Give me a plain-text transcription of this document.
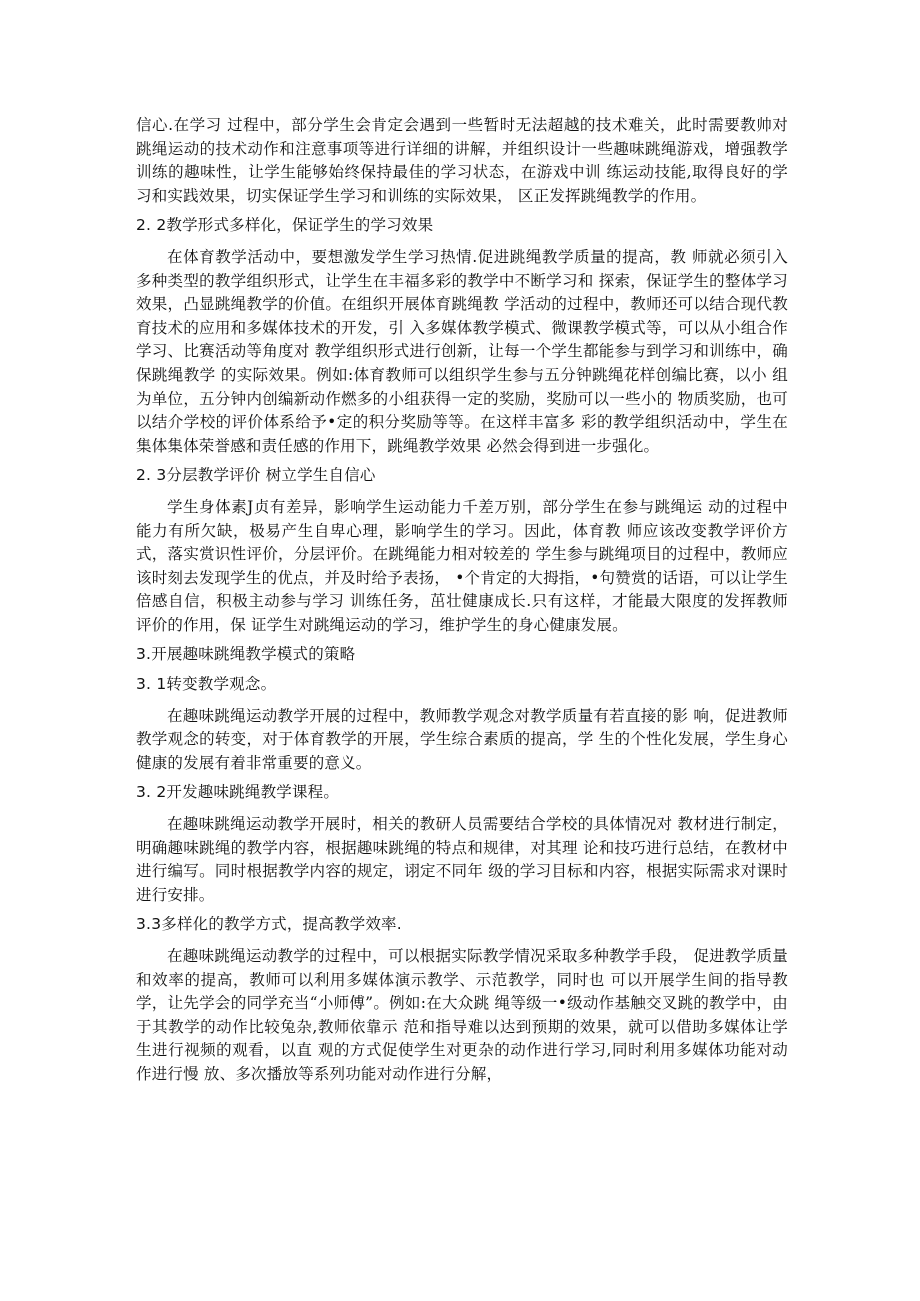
信心.在学习 过程中，部分学生会肯定会遇到一些暂时无法超越的技术难关，此时需要教帅对 跳绳运动的技术动作和注意事项等进行详细的讲解，并组织设计一些趣味跳绳游戏，增强教学训练的趣味性，让学生能够始终保持最佳的学习状态，在游戏中训 练运动技能,取得良好的学习和实践效果，切实保证学生学习和训练的实际效果， 区正发挥跳绳教学的作用。

2. 2教学形式多样化，保证学生的学习效果

在体育教学活动中，要想激发学生学习热情.促进跳绳教学质量的提高，教 师就必须引入多种类型的教学组织形式，让学生在丰福多彩的教学中不断学习和 探索，保证学生的整体学习效果，凸显跳绳教学的价值。在组织开展体育跳绳教 学活动的过程中，教师还可以结合现代教育技术的应用和多媒体技术的开发，引 入多媒体教学模式、微课教学模式等，可以从小组合作学习、比赛活动等角度对 教学组织形式进行创新，让每一个学生都能参与到学习和训练中，确保跳绳教学 的实际效果。例如:体育教师可以组织学生参与五分钟跳绳花样创编比赛，以小 组为单位，五分钟内创编新动作燃多的小组获得一定的奖励，奖励可以一些小的 物质奖励，也可以结介学校的评价体系给予•定的积分奖励等等。在这样丰富多 彩的教学组织活动中，学生在集体集体荣誉感和责任感的作用下，跳绳教学效果 必然会得到进一步强化。

2. 3分层教学评价 树立学生自信心

学生身体素J贞有差异，影响学生运动能力千差万别，部分学生在参与跳绳运 动的过程中能力有所欠缺，极易产生自卑心理，影响学生的学习。因此，体育教 师应该改变教学评价方式，落实赏识性评价，分层评价。在跳绳能力相对较差的 学生参与跳绳项目的过程中，教师应该时刻去发现学生的优点，并及时给予表扬， •个肯定的大拇指，•句赞赏的话语，可以让学生倍感自信，积极主动参与学习 训练任务，茁壮健康成长.只有这样，才能最大限度的发挥教师评价的作用，保 证学生对跳绳运动的学习，维护学生的身心健康发展。

3.开展趣味跳绳教学模式的策略

3. 1转变教学观念。

在趣味跳绳运动教学开展的过程中，教师教学观念对教学质量有若直接的影 响，促进教师教学观念的转变，对于体育教学的开展，学生综合素质的提高，学 生的个性化发展，学生身心健康的发展有着非常重要的意义。

3. 2开发趣味跳绳教学课程。

在趣味跳绳运动教学开展时，相关的教研人员需要结合学校的具体情况对 教材进行制定，明确趣味跳绳的教学内容，根据趣味跳绳的特点和规律，对其理 论和技巧进行总结，在教材中进行编写。同时根据教学内容的规定，诩定不同年 级的学习目标和内容，根据实际需求对课时进行安排。

3.3多样化的教学方式，提高教学效率.

在趣味跳绳运动教学的过程中，可以根据实际教学情况采取多种教学手段， 促进教学质量和效率的提高，教师可以利用多媒体演示教学、示范教学，同时也 可以开展学生间的指导教学，让先学会的同学充当“小师傅”。例如:在大众跳 绳等级一•级动作基触交叉跳的教学中，由于其教学的动作比较兔杂,教师依靠示 范和指导难以达到预期的效果，就可以借助多媒体让学生进行视频的观看，以直 观的方式促使学生对更杂的动作进行学习,同时利用多媒体功能对动作进行慢 放、多次播放等系列功能对动作进行分解，
